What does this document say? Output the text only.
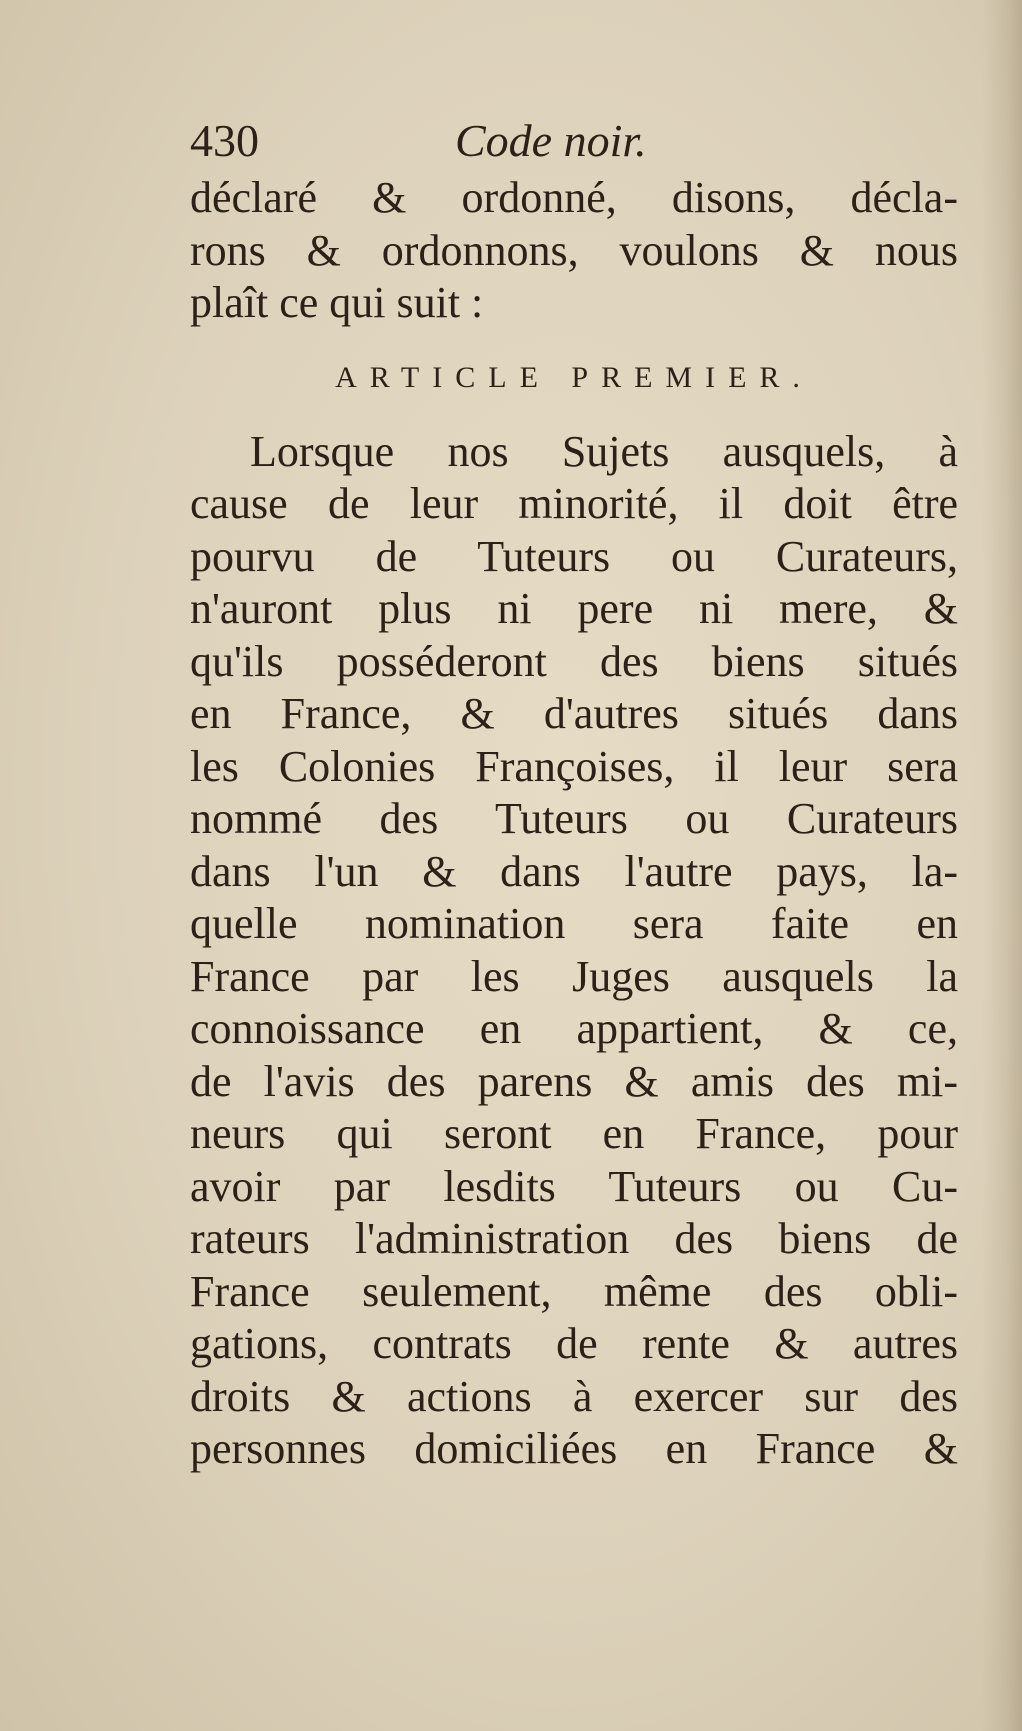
430	Code noir.
déclaré & ordonné, disons, décla-
rons & ordonnons, voulons & nous
plaît ce qui suit :
ARTICLE PREMIER.
Lorsque nos Sujets ausquels, à
cause de leur minorité, il doit être
pourvu de Tuteurs ou Curateurs,
n'auront plus ni pere ni mere, &
qu'ils posséderont des biens situés
en France, & d'autres situés dans
les Colonies Françoises, il leur sera
nommé des Tuteurs ou Curateurs
dans l'un & dans l'autre pays, la-
quelle nomination sera faite en
France par les Juges ausquels la
connoissance en appartient, & ce,
de l'avis des parens & amis des mi-
neurs qui seront en France, pour
avoir par lesdits Tuteurs ou Cu-
rateurs l'administration des biens de
France seulement, même des obli-
gations, contrats de rente & autres
droits & actions à exercer sur des
personnes domiciliées en France &
